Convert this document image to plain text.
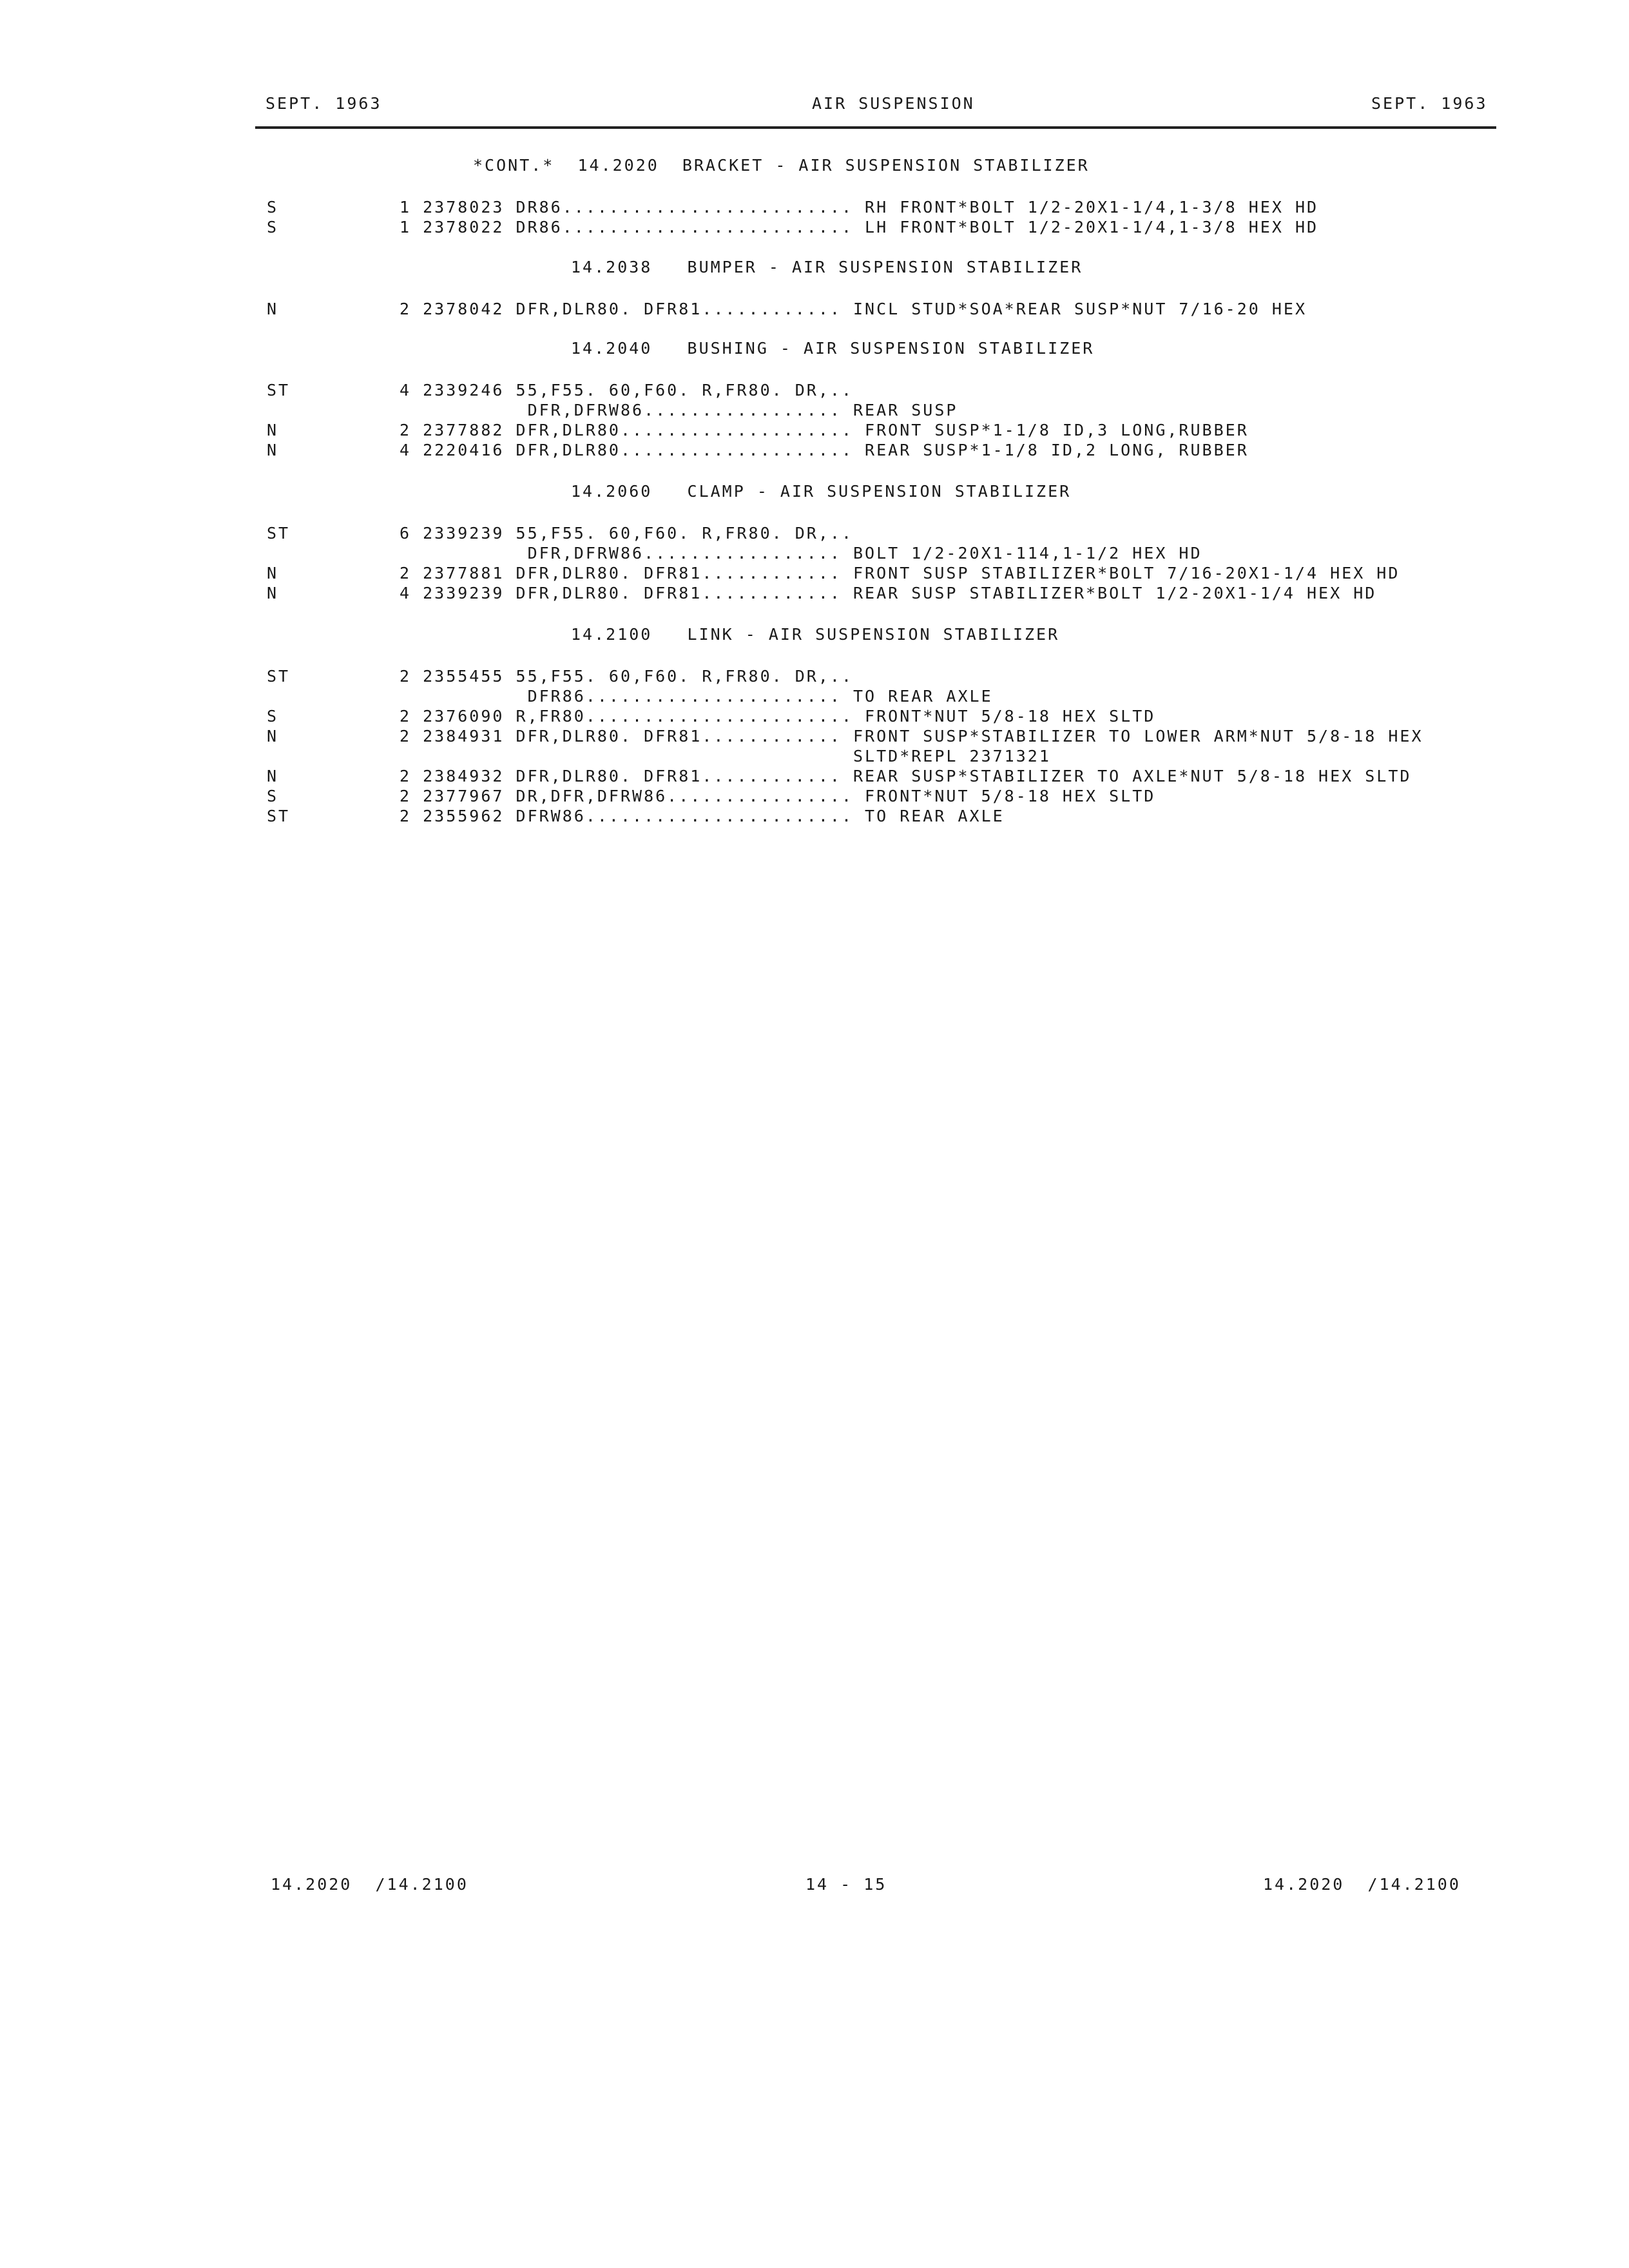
SEPT. 1963	AIR SUSPENSION	SEPT. 1963
*CONT.*  14.2020  BRACKET - AIR SUSPENSION STABILIZER
S	1 2378023 DR86......................... RH FRONT*BOLT 1/2-20X1-1/4,1-3/8 HEX HD
S	1 2378022 DR86......................... LH FRONT*BOLT 1/2-20X1-1/4,1-3/8 HEX HD
14.2038   BUMPER - AIR SUSPENSION STABILIZER
N	2 2378042 DFR,DLR80. DFR81............ INCL STUD*SOA*REAR SUSP*NUT 7/16-20 HEX
14.2040   BUSHING - AIR SUSPENSION STABILIZER
ST	4 2339246 55,F55. 60,F60. R,FR80. DR,..
DFR,DFRW86................. REAR SUSP
N	2 2377882 DFR,DLR80.................... FRONT SUSP*1-1/8 ID,3 LONG,RUBBER
N	4 2220416 DFR,DLR80.................... REAR SUSP*1-1/8 ID,2 LONG, RUBBER
14.2060   CLAMP - AIR SUSPENSION STABILIZER
ST	6 2339239 55,F55. 60,F60. R,FR80. DR,..
DFR,DFRW86................. BOLT 1/2-20X1-114,1-1/2 HEX HD
N	2 2377881 DFR,DLR80. DFR81............ FRONT SUSP STABILIZER*BOLT 7/16-20X1-1/4 HEX HD
N	4 2339239 DFR,DLR80. DFR81............ REAR SUSP STABILIZER*BOLT 1/2-20X1-1/4 HEX HD
14.2100   LINK - AIR SUSPENSION STABILIZER
ST	2 2355455 55,F55. 60,F60. R,FR80. DR,..
DFR86...................... TO REAR AXLE
S	2 2376090 R,FR80....................... FRONT*NUT 5/8-18 HEX SLTD
N	2 2384931 DFR,DLR80. DFR81............ FRONT SUSP*STABILIZER TO LOWER ARM*NUT 5/8-18 HEX
SLTD*REPL 2371321
N	2 2384932 DFR,DLR80. DFR81............ REAR SUSP*STABILIZER TO AXLE*NUT 5/8-18 HEX SLTD
S	2 2377967 DR,DFR,DFRW86................ FRONT*NUT 5/8-18 HEX SLTD
ST	2 2355962 DFRW86....................... TO REAR AXLE
14.2020  /14.2100	14 - 15	14.2020  /14.2100
